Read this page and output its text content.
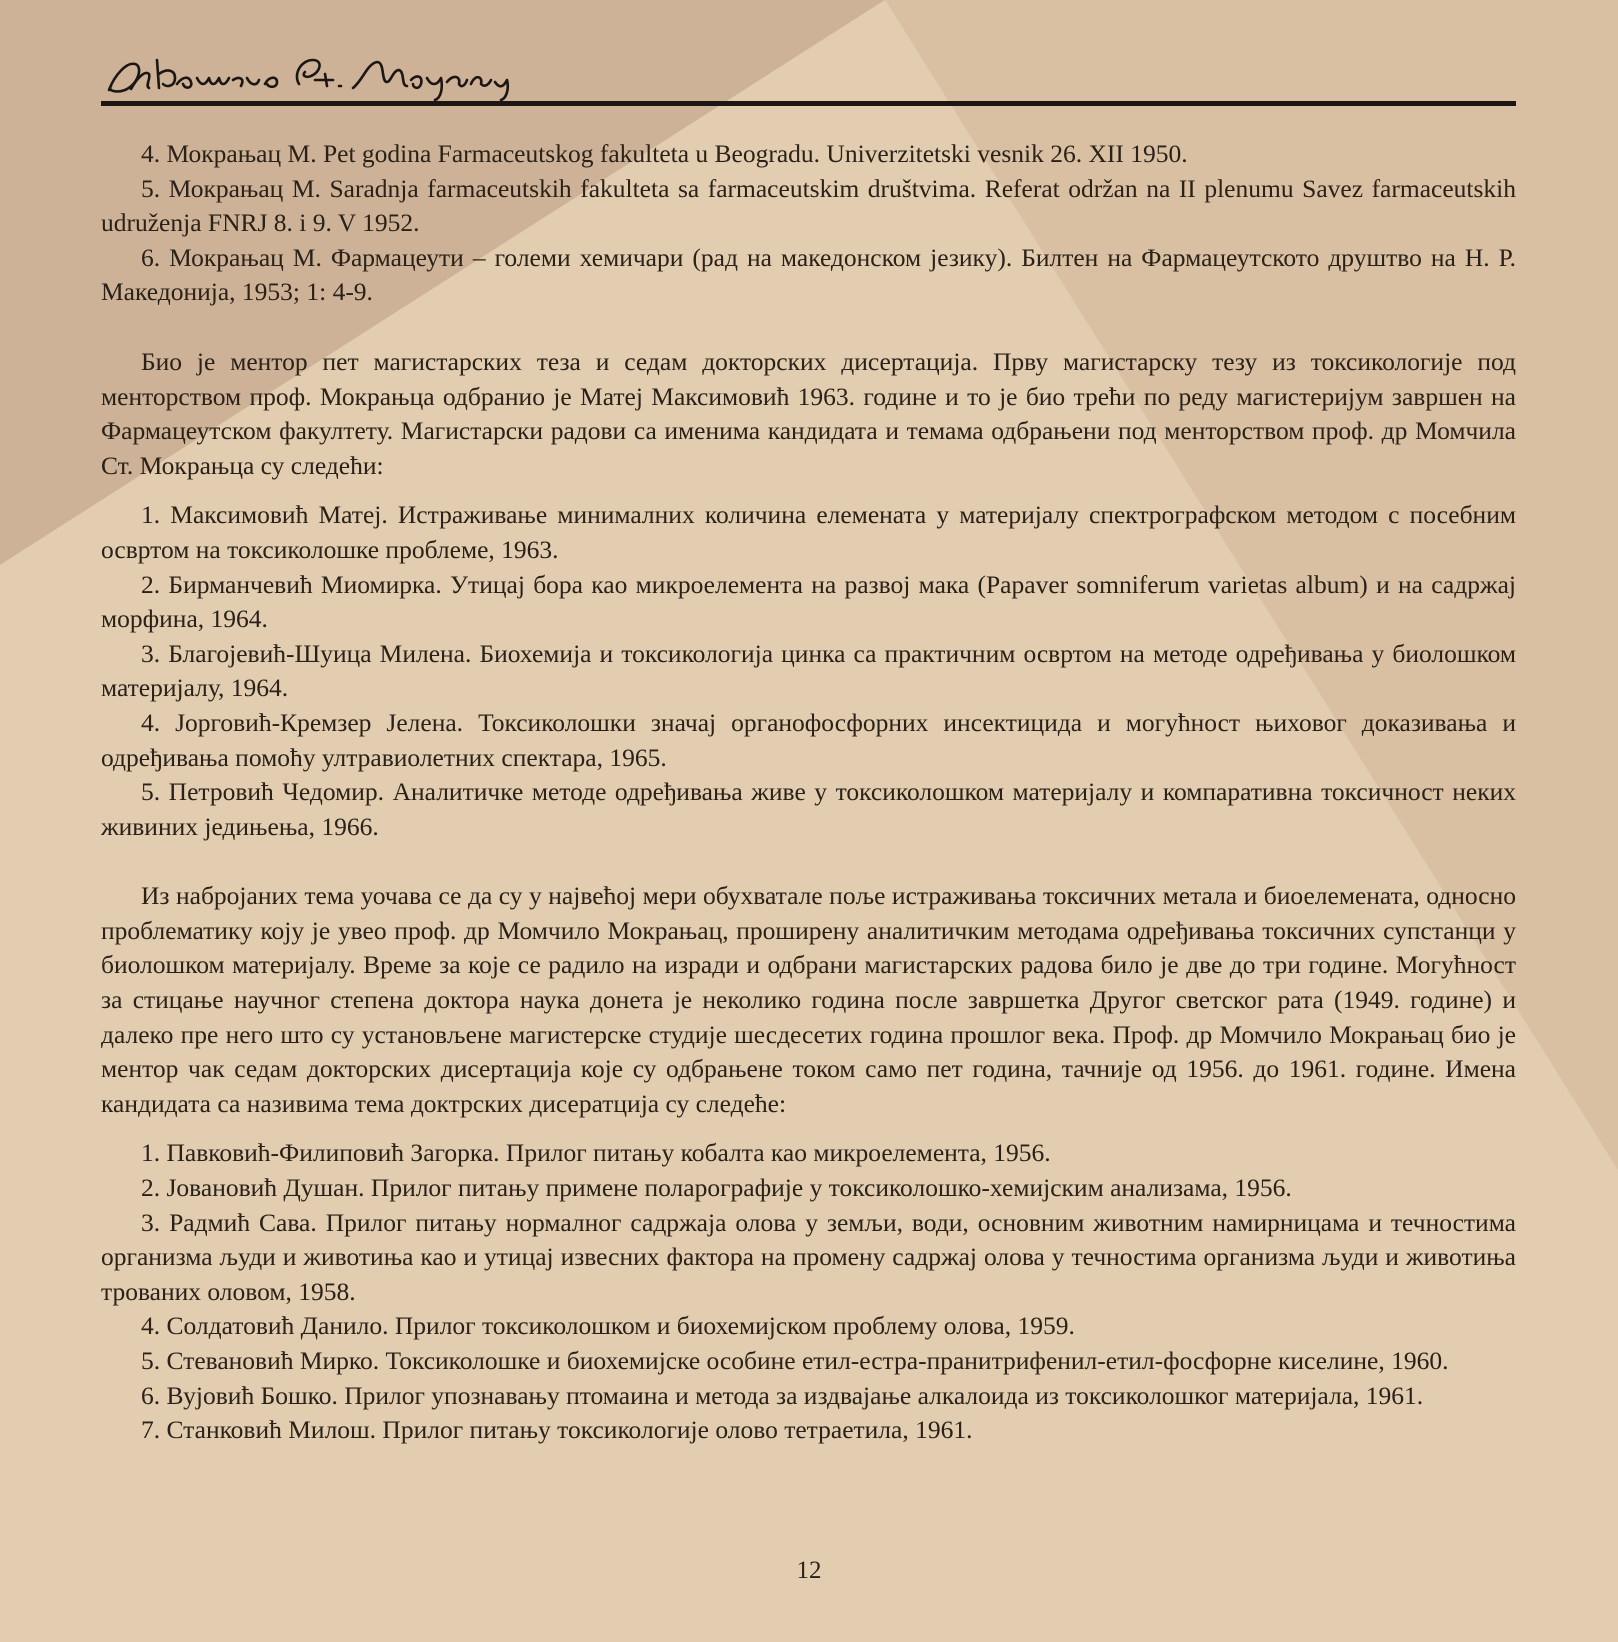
4. Мокрањац М. Pet godina Farmaceutskog fakulteta u Beogradu. Univerzitetski vesnik 26. XII 1950.

5. Мокрањац М. Saradnja farmaceutskih fakulteta sa farmaceutskim društvima. Referat održan na II plenumu Savez farmaceutskih udruženja FNRJ 8. i 9. V 1952.

6. Мокрањац М. Фармацеути – големи хемичари (рад на македонском језику). Билтен на Фармацеутското друштво на Н. Р. Македонија, 1953; 1: 4-9.

Био је ментор пет магистарских теза и седам докторских дисертација. Прву магистарску тезу из токсикологије под менторством проф. Мокрањца одбранио је Матеј Максимовић 1963. године и то је био трећи по реду магистеријум завршен на Фармацеутском факултету. Магистарски радови са именима кандидата и темама одбрањени под менторством проф. др Момчила Ст. Мокрањца су следећи:

1. Максимовић Матеј. Истраживање минималних количина елемената у материјалу спектрографском методом с посебним освртом на токсиколошке проблеме, 1963.

2. Бирманчевић Миомирка. Утицај бора као микроелемента на развој мака (Papaver somniferum varietas album) и на садржај морфина, 1964.

3. Благојевић-Шуица Милена. Биохемија и токсикологија цинка са практичним освртом на методе одређивања у биолошком материјалу, 1964.

4. Јорговић-Кремзер Јелена. Токсиколошки значај органофосфорних инсектицида и могућност њиховог доказивања и одређивања помоћу ултравиолетних спектара, 1965.

5. Петровић Чедомир. Аналитичке методе одређивања живе у токсиколошком материјалу и компаративна токсичност неких живиних једињења, 1966.

Из набројаних тема уочава се да су у највећој мери обухватале поље истраживања токсичних метала и биоелемената, односно проблематику коју је увео проф. др Момчило Мокрањац, проширену аналитичким методама одређивања токсичних супстанци у биолошком материјалу. Време за које се радило на изради и одбрани магистарских радова било је две до три године. Могућност за стицање научног степена доктора наука донета је неколико година после завршетка Другог светског рата (1949. године) и далеко пре него што су установљене магистерске студије шесдесетих година прошлог века. Проф. др Момчило Мокрањац био је ментор чак седам докторских дисертација које су одбрањене током само пет година, тачније од 1956. до 1961. године. Имена кандидата са називима тема доктрских дисератција су следеће:

1. Павковић-Филиповић Загорка. Прилог питању кобалта као микроелемента, 1956.

2. Јовановић Душан. Прилог питању примене поларографије у токсиколошко-хемијским анализама, 1956.

3. Радмић Сава. Прилог питању нормалног садржаја олова у земљи, води, основним животним намирницама и течностима организма људи и животиња као и утицај извесних фактора на промену садржај олова у течностима организма људи и животиња трованих оловом, 1958.

4. Солдатовић Данило. Прилог токсиколошком и биохемијском проблему олова, 1959.

5. Стевановић Мирко. Токсиколошке и биохемијске особине етил-естра-пранитрифенил-етил-фосфорне киселине, 1960.

6. Вујовић Бошко. Прилог упознавању птомаина и метода за издвајање алкалоида из токсиколошког материјала, 1961.

7. Станковић Милош. Прилог питању токсикологије олово тетраетила, 1961.

12
